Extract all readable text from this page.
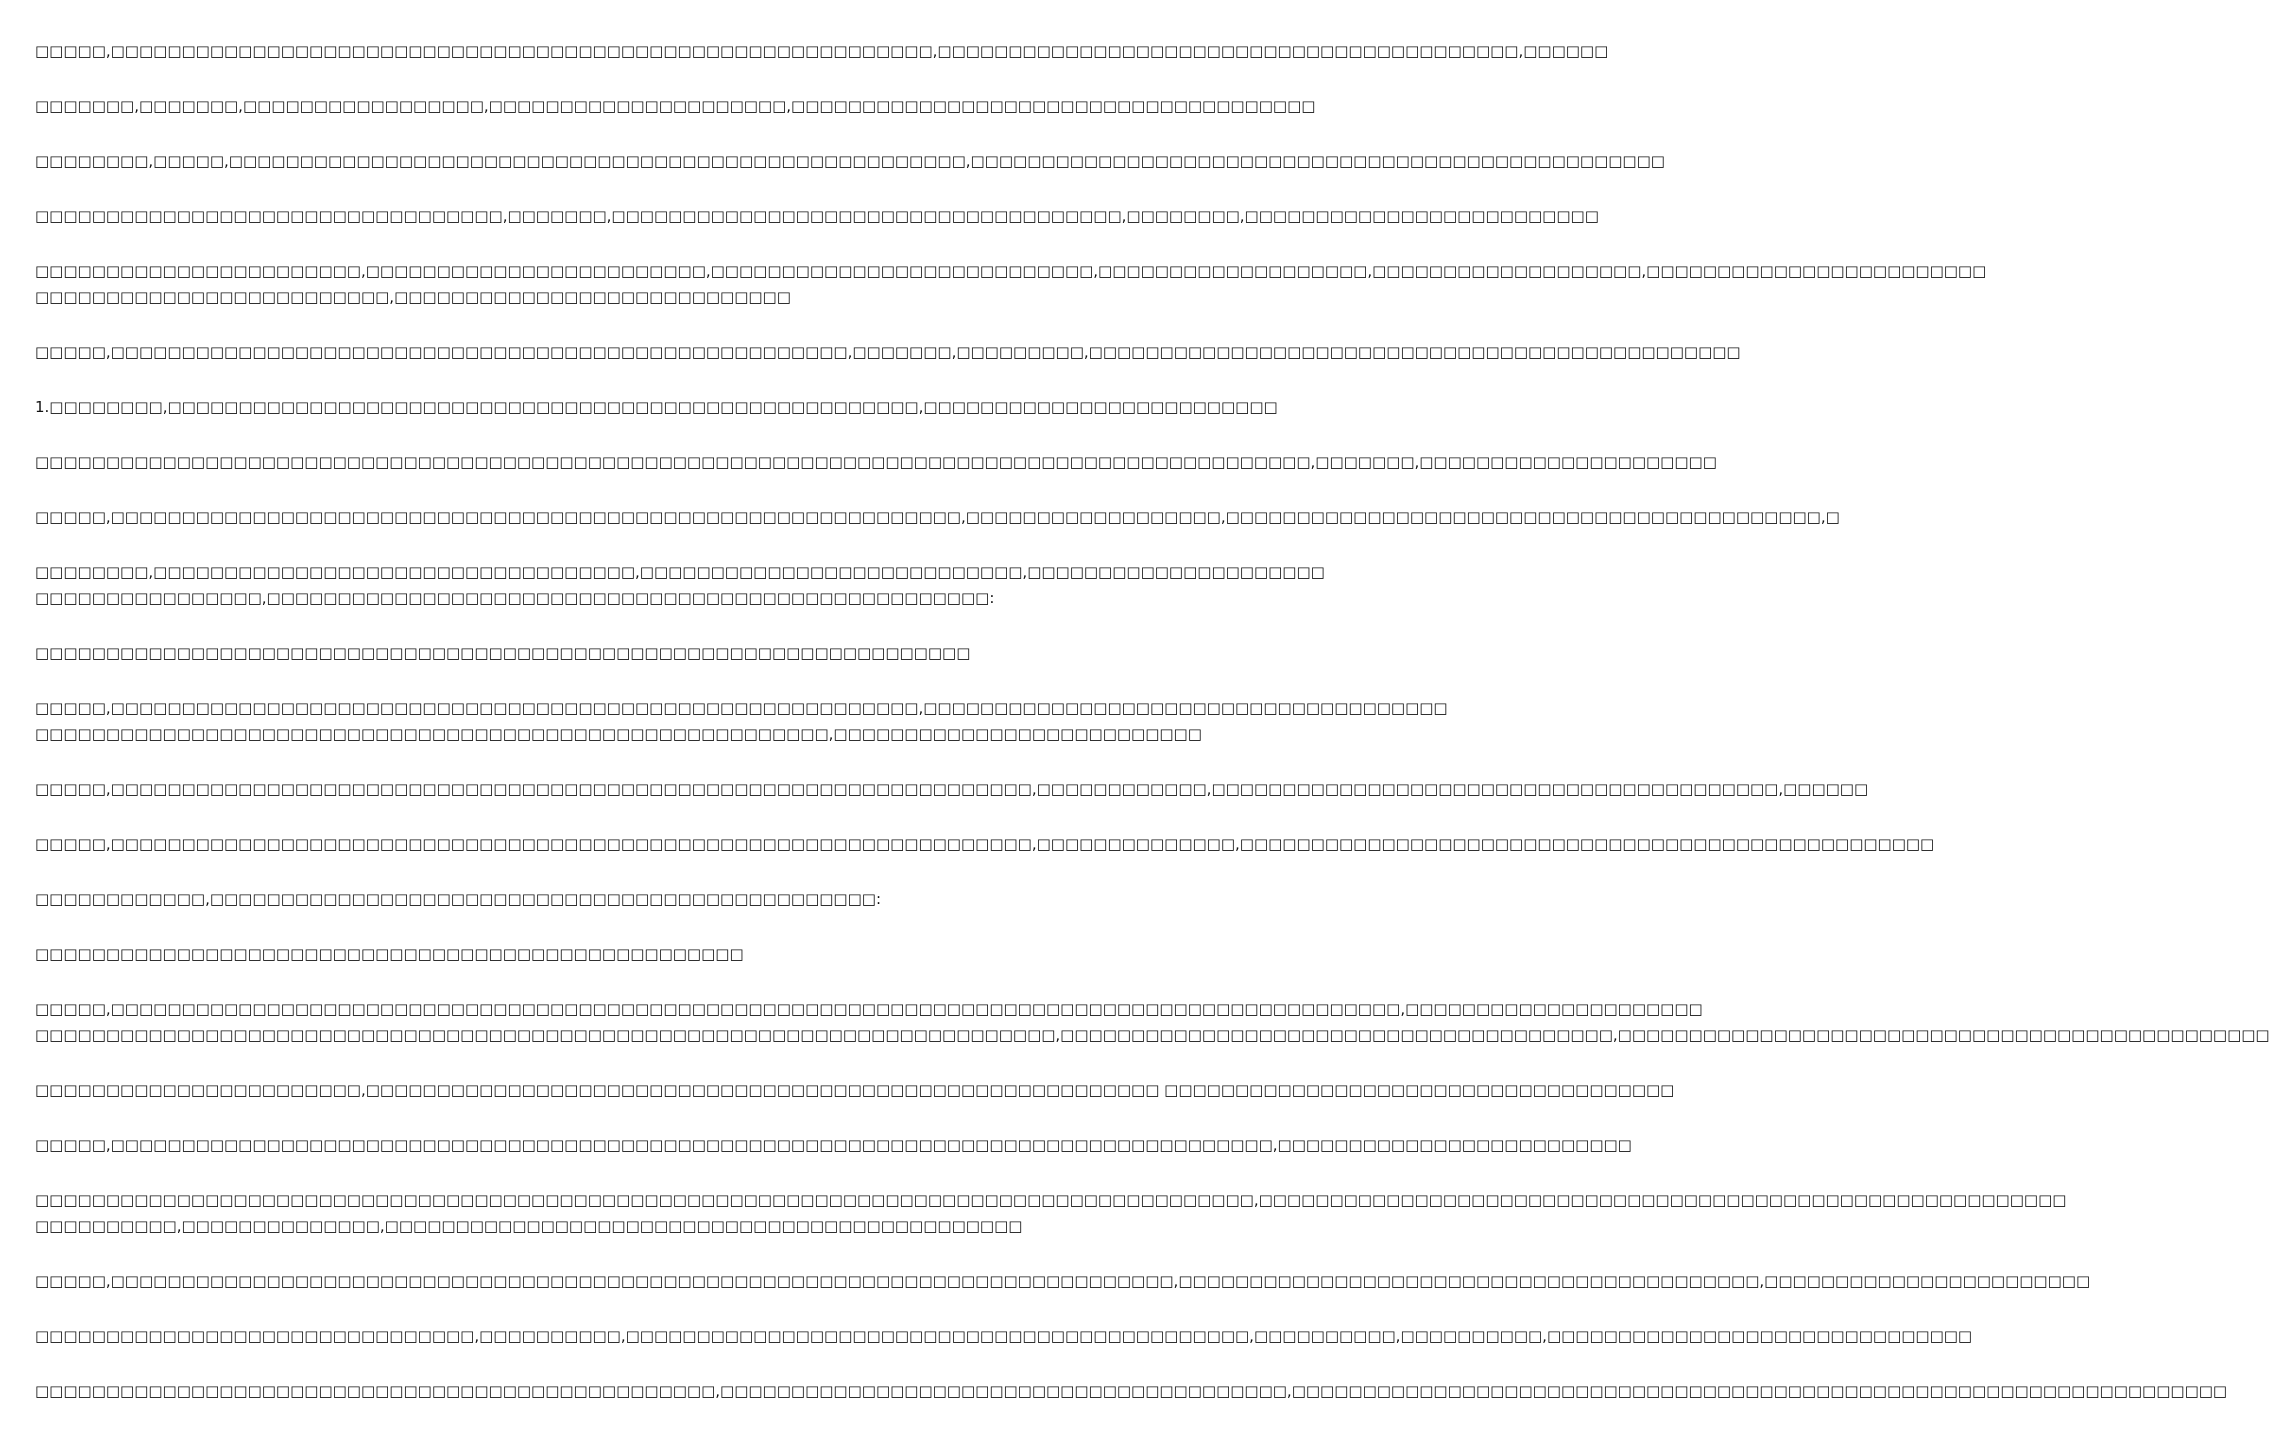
□□□□□,□□□□□□□□□□□□□□□□□□□□□□□□□□□□□□□□□□□□□□□□□□□□□□□□□□□□□□□□□□,□□□□□□□□□□□□□□□□□□□□□□□□□□□□□□□□□□□□□□□□□,□□□□□□
□□□□□□□,□□□□□□□,□□□□□□□□□□□□□□□□□,□□□□□□□□□□□□□□□□□□□□□,□□□□□□□□□□□□□□□□□□□□□□□□□□□□□□□□□□□□□
□□□□□□□□,□□□□□,□□□□□□□□□□□□□□□□□□□□□□□□□□□□□□□□□□□□□□□□□□□□□□□□□□□□,□□□□□□□□□□□□□□□□□□□□□□□□□□□□□□□□□□□□□□□□□□□□□□□□□
□□□□□□□□□□□□□□□□□□□□□□□□□□□□□□□□□,□□□□□□□,□□□□□□□□□□□□□□□□□□□□□□□□□□□□□□□□□□□□,□□□□□□□□,□□□□□□□□□□□□□□□□□□□□□□□□□
□□□□□□□□□□□□□□□□□□□□□□□,□□□□□□□□□□□□□□□□□□□□□□□□,□□□□□□□□□□□□□□□□□□□□□□□□□□□,□□□□□□□□□□□□□□□□□□□,□□□□□□□□□□□□□□□□□□□,□□□□□□□□□□□□□□□□□□□□□□□□
□□□□□□□□□□□□□□□□□□□□□□□□□,□□□□□□□□□□□□□□□□□□□□□□□□□□□□
□□□□□,□□□□□□□□□□□□□□□□□□□□□□□□□□□□□□□□□□□□□□□□□□□□□□□□□□□□,□□□□□□□,□□□□□□□□□,□□□□□□□□□□□□□□□□□□□□□□□□□□□□□□□□□□□□□□□□□□□□□□
1.□□□□□□□□,□□□□□□□□□□□□□□□□□□□□□□□□□□□□□□□□□□□□□□□□□□□□□□□□□□□□□,□□□□□□□□□□□□□□□□□□□□□□□□□
□□□□□□□□□□□□□□□□□□□□□□□□□□□□□□□□□□□□□□□□□□□□□□□□□□□□□□□□□□□□□□□□□□□□□□□□□□□□□□□□□□□□□□□□□□,□□□□□□□,□□□□□□□□□□□□□□□□□□□□□
□□□□□,□□□□□□□□□□□□□□□□□□□□□□□□□□□□□□□□□□□□□□□□□□□□□□□□□□□□□□□□□□□□,□□□□□□□□□□□□□□□□□□,□□□□□□□□□□□□□□□□□□□□□□□□□□□□□□□□□□□□□□□□□□,□
□□□□□□□□,□□□□□□□□□□□□□□□□□□□□□□□□□□□□□□□□□□,□□□□□□□□□□□□□□□□□□□□□□□□□□□,□□□□□□□□□□□□□□□□□□□□□
□□□□□□□□□□□□□□□□,□□□□□□□□□□□□□□□□□□□□□□□□□□□□□□□□□□□□□□□□□□□□□□□□□□□:
□□□□□□□□□□□□□□□□□□□□□□□□□□□□□□□□□□□□□□□□□□□□□□□□□□□□□□□□□□□□□□□□□□
□□□□□,□□□□□□□□□□□□□□□□□□□□□□□□□□□□□□□□□□□□□□□□□□□□□□□□□□□□□□□□□,□□□□□□□□□□□□□□□□□□□□□□□□□□□□□□□□□□□□□
□□□□□□□□□□□□□□□□□□□□□□□□□□□□□□□□□□□□□□□□□□□□□□□□□□□□□□□□,□□□□□□□□□□□□□□□□□□□□□□□□□□
□□□□□,□□□□□□□□□□□□□□□□□□□□□□□□□□□□□□□□□□□□□□□□□□□□□□□□□□□□□□□□□□□□□□□□□,□□□□□□□□□□□□,□□□□□□□□□□□□□□□□□□□□□□□□□□□□□□□□□□□□□□□□,□□□□□□
□□□□□,□□□□□□□□□□□□□□□□□□□□□□□□□□□□□□□□□□□□□□□□□□□□□□□□□□□□□□□□□□□□□□□□□,□□□□□□□□□□□□□□,□□□□□□□□□□□□□□□□□□□□□□□□□□□□□□□□□□□□□□□□□□□□□□□□□
□□□□□□□□□□□□,□□□□□□□□□□□□□□□□□□□□□□□□□□□□□□□□□□□□□□□□□□□□□□□:
□□□□□□□□□□□□□□□□□□□□□□□□□□□□□□□□□□□□□□□□□□□□□□□□□□
□□□□□,□□□□□□□□□□□□□□□□□□□□□□□□□□□□□□□□□□□□□□□□□□□□□□□□□□□□□□□□□□□□□□□□□□□□□□□□□□□□□□□□□□□□□□□□□□□,□□□□□□□□□□□□□□□□□□□□□
□□□□□□□□□□□□□□□□□□□□□□□□□□□□□□□□□□□□□□□□□□□□□□□□□□□□□□□□□□□□□□□□□□□□□□□□,□□□□□□□□□□□□□□□□□□□□□□□□□□□□□□□□□□□□□□□,□□□□□□□□□□□□□□□□□□□□□□□□□□□□□□□□□□□□□□□□□□□□□□
□□□□□□□□□□□□□□□□□□□□□□□,□□□□□□□□□□□□□□□□□□□□□□□□□□□□□□□□□□□□□□□□□□□□□□□□□□□□□□□□ □□□□□□□□□□□□□□□□□□□□□□□□□□□□□□□□□□□□
□□□□□,□□□□□□□□□□□□□□□□□□□□□□□□□□□□□□□□□□□□□□□□□□□□□□□□□□□□□□□□□□□□□□□□□□□□□□□□□□□□□□□□□□,□□□□□□□□□□□□□□□□□□□□□□□□□
□□□□□□□□□□□□□□□□□□□□□□□□□□□□□□□□□□□□□□□□□□□□□□□□□□□□□□□□□□□□□□□□□□□□□□□□□□□□□□□□□□□□□□,□□□□□□□□□□□□□□□□□□□□□□□□□□□□□□□□□□□□□□□□□□□□□□□□□□□□□□□□□
□□□□□□□□□□,□□□□□□□□□□□□□□,□□□□□□□□□□□□□□□□□□□□□□□□□□□□□□□□□□□□□□□□□□□□□
□□□□□,□□□□□□□□□□□□□□□□□□□□□□□□□□□□□□□□□□□□□□□□□□□□□□□□□□□□□□□□□□□□□□□□□□□□□□□□□□□,□□□□□□□□□□□□□□□□□□□□□□□□□□□□□□□□□□□□□□□□□,□□□□□□□□□□□□□□□□□□□□□□□
□□□□□□□□□□□□□□□□□□□□□□□□□□□□□□□,□□□□□□□□□□,□□□□□□□□□□□□□□□□□□□□□□□□□□□□□□□□□□□□□□□□□□□□,□□□□□□□□□□,□□□□□□□□□□,□□□□□□□□□□□□□□□□□□□□□□□□□□□□□□
□□□□□□□□□□□□□□□□□□□□□□□□□□□□□□□□□□□□□□□□□□□□□□□□,□□□□□□□□□□□□□□□□□□□□□□□□□□□□□□□□□□□□□□□□,□□□□□□□□□□□□□□□□□□□□□□□□□□□□□□□□□□□□□□□□□□□□□□□□□□□□□□□□□□□□□□□□□□
